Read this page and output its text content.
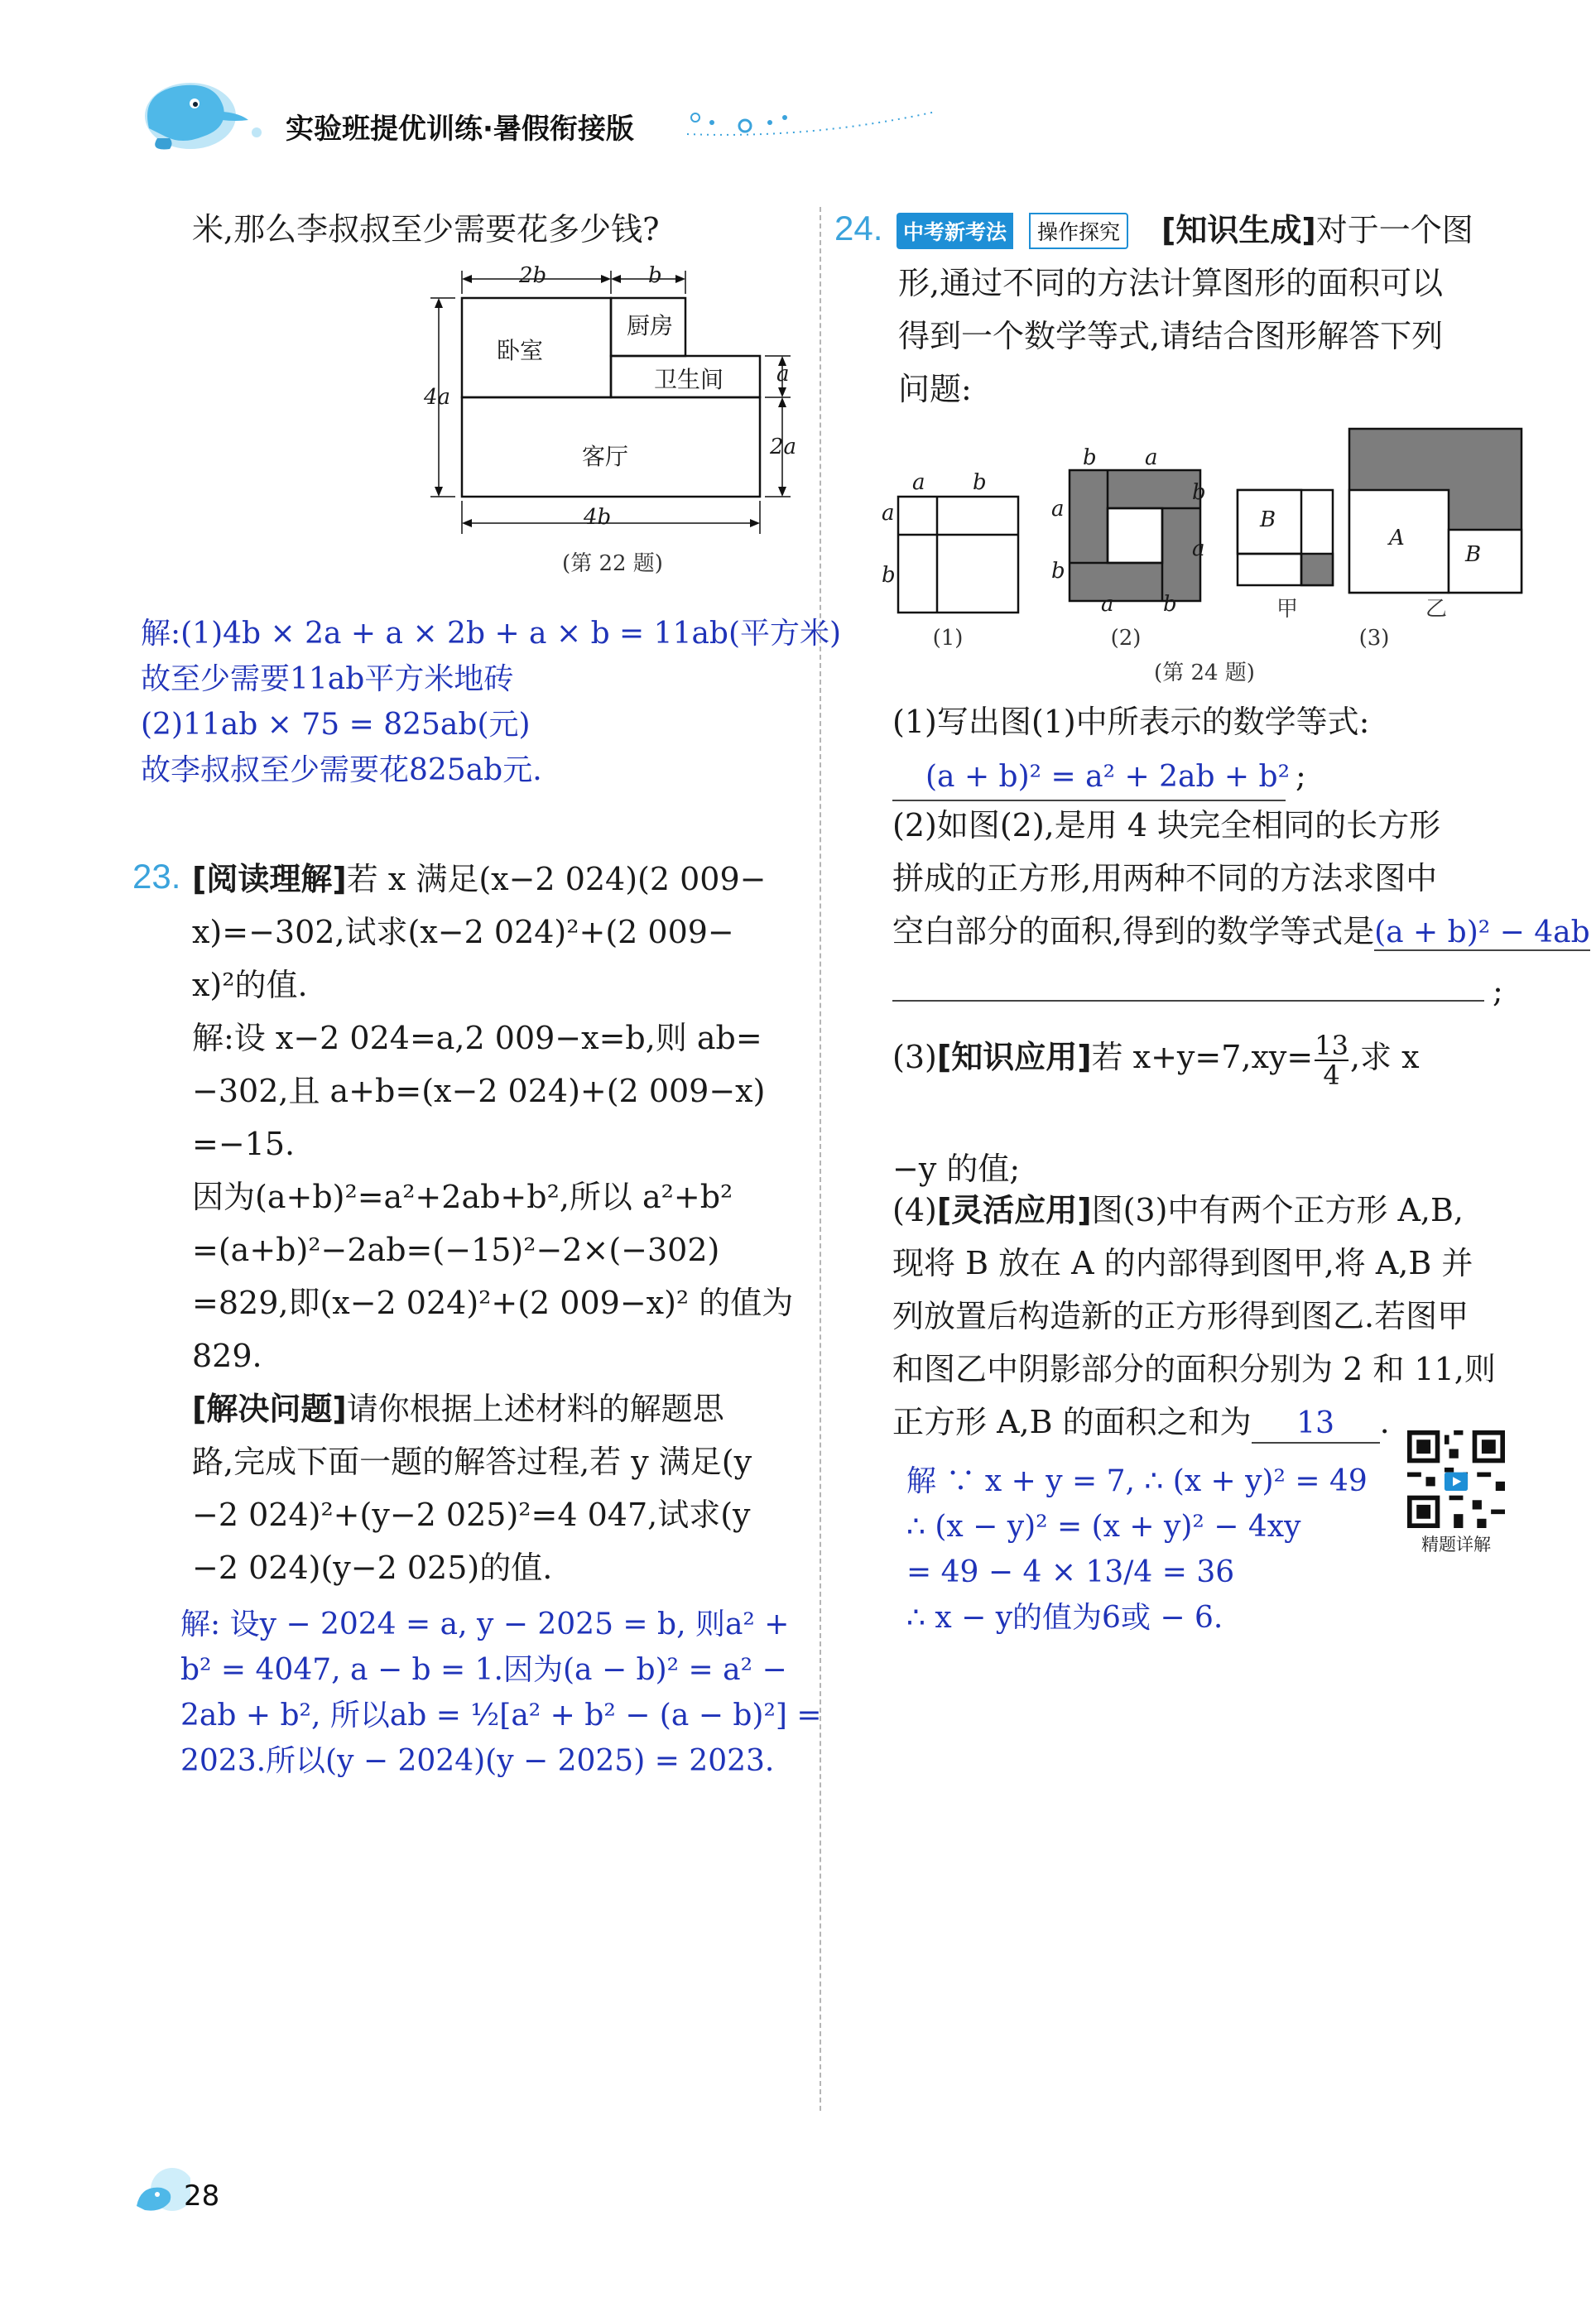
实验班提优训练·暑假衔接版
米,那么李叔叔至少需要花多少钱?
卧室
厨房
卫生间
客厅
2b	b
4a
a
2a
4b
(第 22 题)
解:(1)4b × 2a + a × 2b + a × b = 11ab(平方米)
故至少需要11ab平方米地砖
(2)11ab × 75 = 825ab(元)
故李叔叔至少需要花825ab元.
23. [阅读理解]若 x 满足(x−2 024)(2 009−
x)=−302,试求(x−2 024)²+(2 009−
x)²的值.
解:设 x−2 024=a,2 009−x=b,则 ab=
−302,且 a+b=(x−2 024)+(2 009−x)
=−15.
因为(a+b)²=a²+2ab+b²,所以 a²+b²
=(a+b)²−2ab=(−15)²−2×(−302)
=829,即(x−2 024)²+(2 009−x)² 的值为
829.
[解决问题]请你根据上述材料的解题思
路,完成下面一题的解答过程,若 y 满足(y
−2 024)²+(y−2 025)²=4 047,试求(y
−2 024)(y−2 025)的值.
解: 设y − 2024 = a, y − 2025 = b, 则a² +
b² = 4047, a − b = 1.因为(a − b)² = a² −
2ab + b², 所以ab = ½[a² + b² − (a − b)²] =
2023.所以(y − 2024)(y − 2025) = 2023.
24. 中考新考法	操作探究	[知识生成]对于一个图
形,通过不同的方法计算图形的面积可以
得到一个数学等式,请结合图形解答下列
问题:
a b
a
b
b a
a
b
b
a
a b
B
A
B
(1)	(2)
甲	乙
(3)
(第 24 题)
(1)写出图(1)中所表示的数学等式:
(a + b)² = a² + 2ab + b² ;
(2)如图(2),是用 4 块完全相同的长方形
拼成的正方形,用两种不同的方法求图中
空白部分的面积,得到的数学等式是(a + b)² − 4ab
;
(3)[知识应用]若 $x+y=7,xy= \frac{13}{4}$ ,求 x
−y 的值;
(4)[灵活应用]图(3)中有两个正方形 A,B,
现将 B 放在 A 的内部得到图甲,将 A,B 并
列放置后构造新的正方形得到图乙.若图甲
和图乙中阴影部分的面积分别为 2 和 11,则
正方形 A,B 的面积之和为 13 .
解 ∵ x + y = 7, ∴ (x + y)² = 49
∴ (x − y)² = (x + y)² − 4xy
= 49 − 4 × 13/4 = 36
∴ x − y的值为6或 − 6.
精题详解
28
